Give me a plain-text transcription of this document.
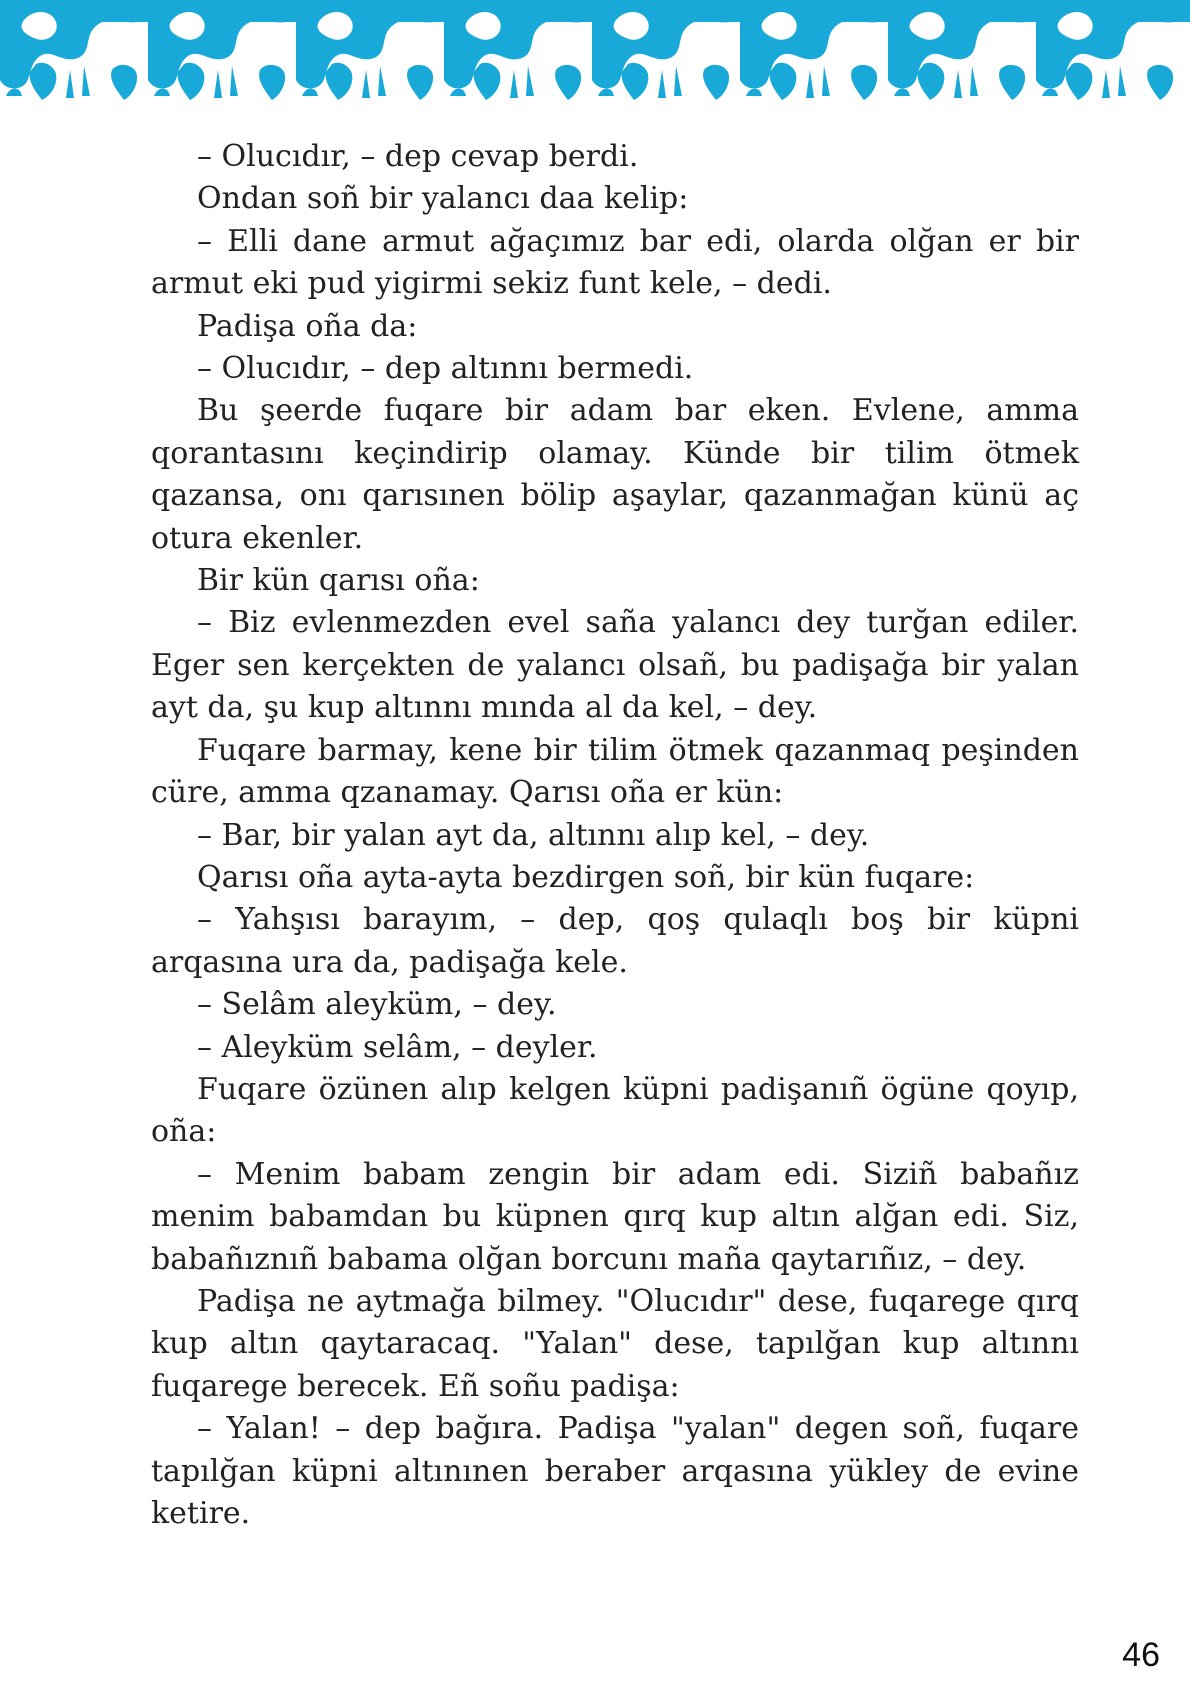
– Olucıdır, – dep cevap berdi.

Ondan soñ bir yalancı daa kelip:

– Elli dane armut ağaçımız bar edi, olarda olğan er bir armut eki pud yigirmi sekiz funt kele, – dedi.

Padişa oña da:

– Olucıdır, – dep altınnı bermedi.

Bu şeerde fuqare bir adam bar eken. Evlene, amma qorantasını keçindirip olamay. Künde bir tilim ötmek qazansa, onı qarısınen bölip aşaylar, qazanmağan künü aç otura ekenler.

Bir kün qarısı oña:

– Biz evlenmezden evel saña yalancı dey turğan ediler. Eger sen kerçekten de yalancı olsañ, bu padişağa bir yalan ayt da, şu kup altınnı mında al da kel, – dey.

Fuqare barmay, kene bir tilim ötmek qazanmaq peşinden cüre, amma qzanamay. Qarısı oña er kün:

– Bar, bir yalan ayt da, altınnı alıp kel, – dey.

Qarısı oña ayta-ayta bezdirgen soñ, bir kün fuqare:

– Yahşısı barayım, – dep, qoş qulaqlı boş bir küpni arqasına ura da, padişağa kele.

– Selâm aleyküm, – dey.

– Aleyküm selâm, – deyler.

Fuqare özünen alıp kelgen küpni padişanıñ ögüne qoyıp, oña:

– Menim babam zengin bir adam edi. Siziñ babañız menim babamdan bu küpnen qırq kup altın alğan edi. Siz, babañıznıñ babama olğan borcunı maña qaytarıñız, – dey.

Padişa ne aytmağa bilmey. "Olucıdır" dese, fuqarege qırq kup altın qaytaracaq. "Yalan" dese, tapılğan kup altınnı fuqarege berecek. Eñ soñu padişa:

– Yalan! – dep bağıra. Padişa "yalan" degen soñ, fuqare tapılğan küpni altınınen beraber arqasına yükley de evine ketire.

46
